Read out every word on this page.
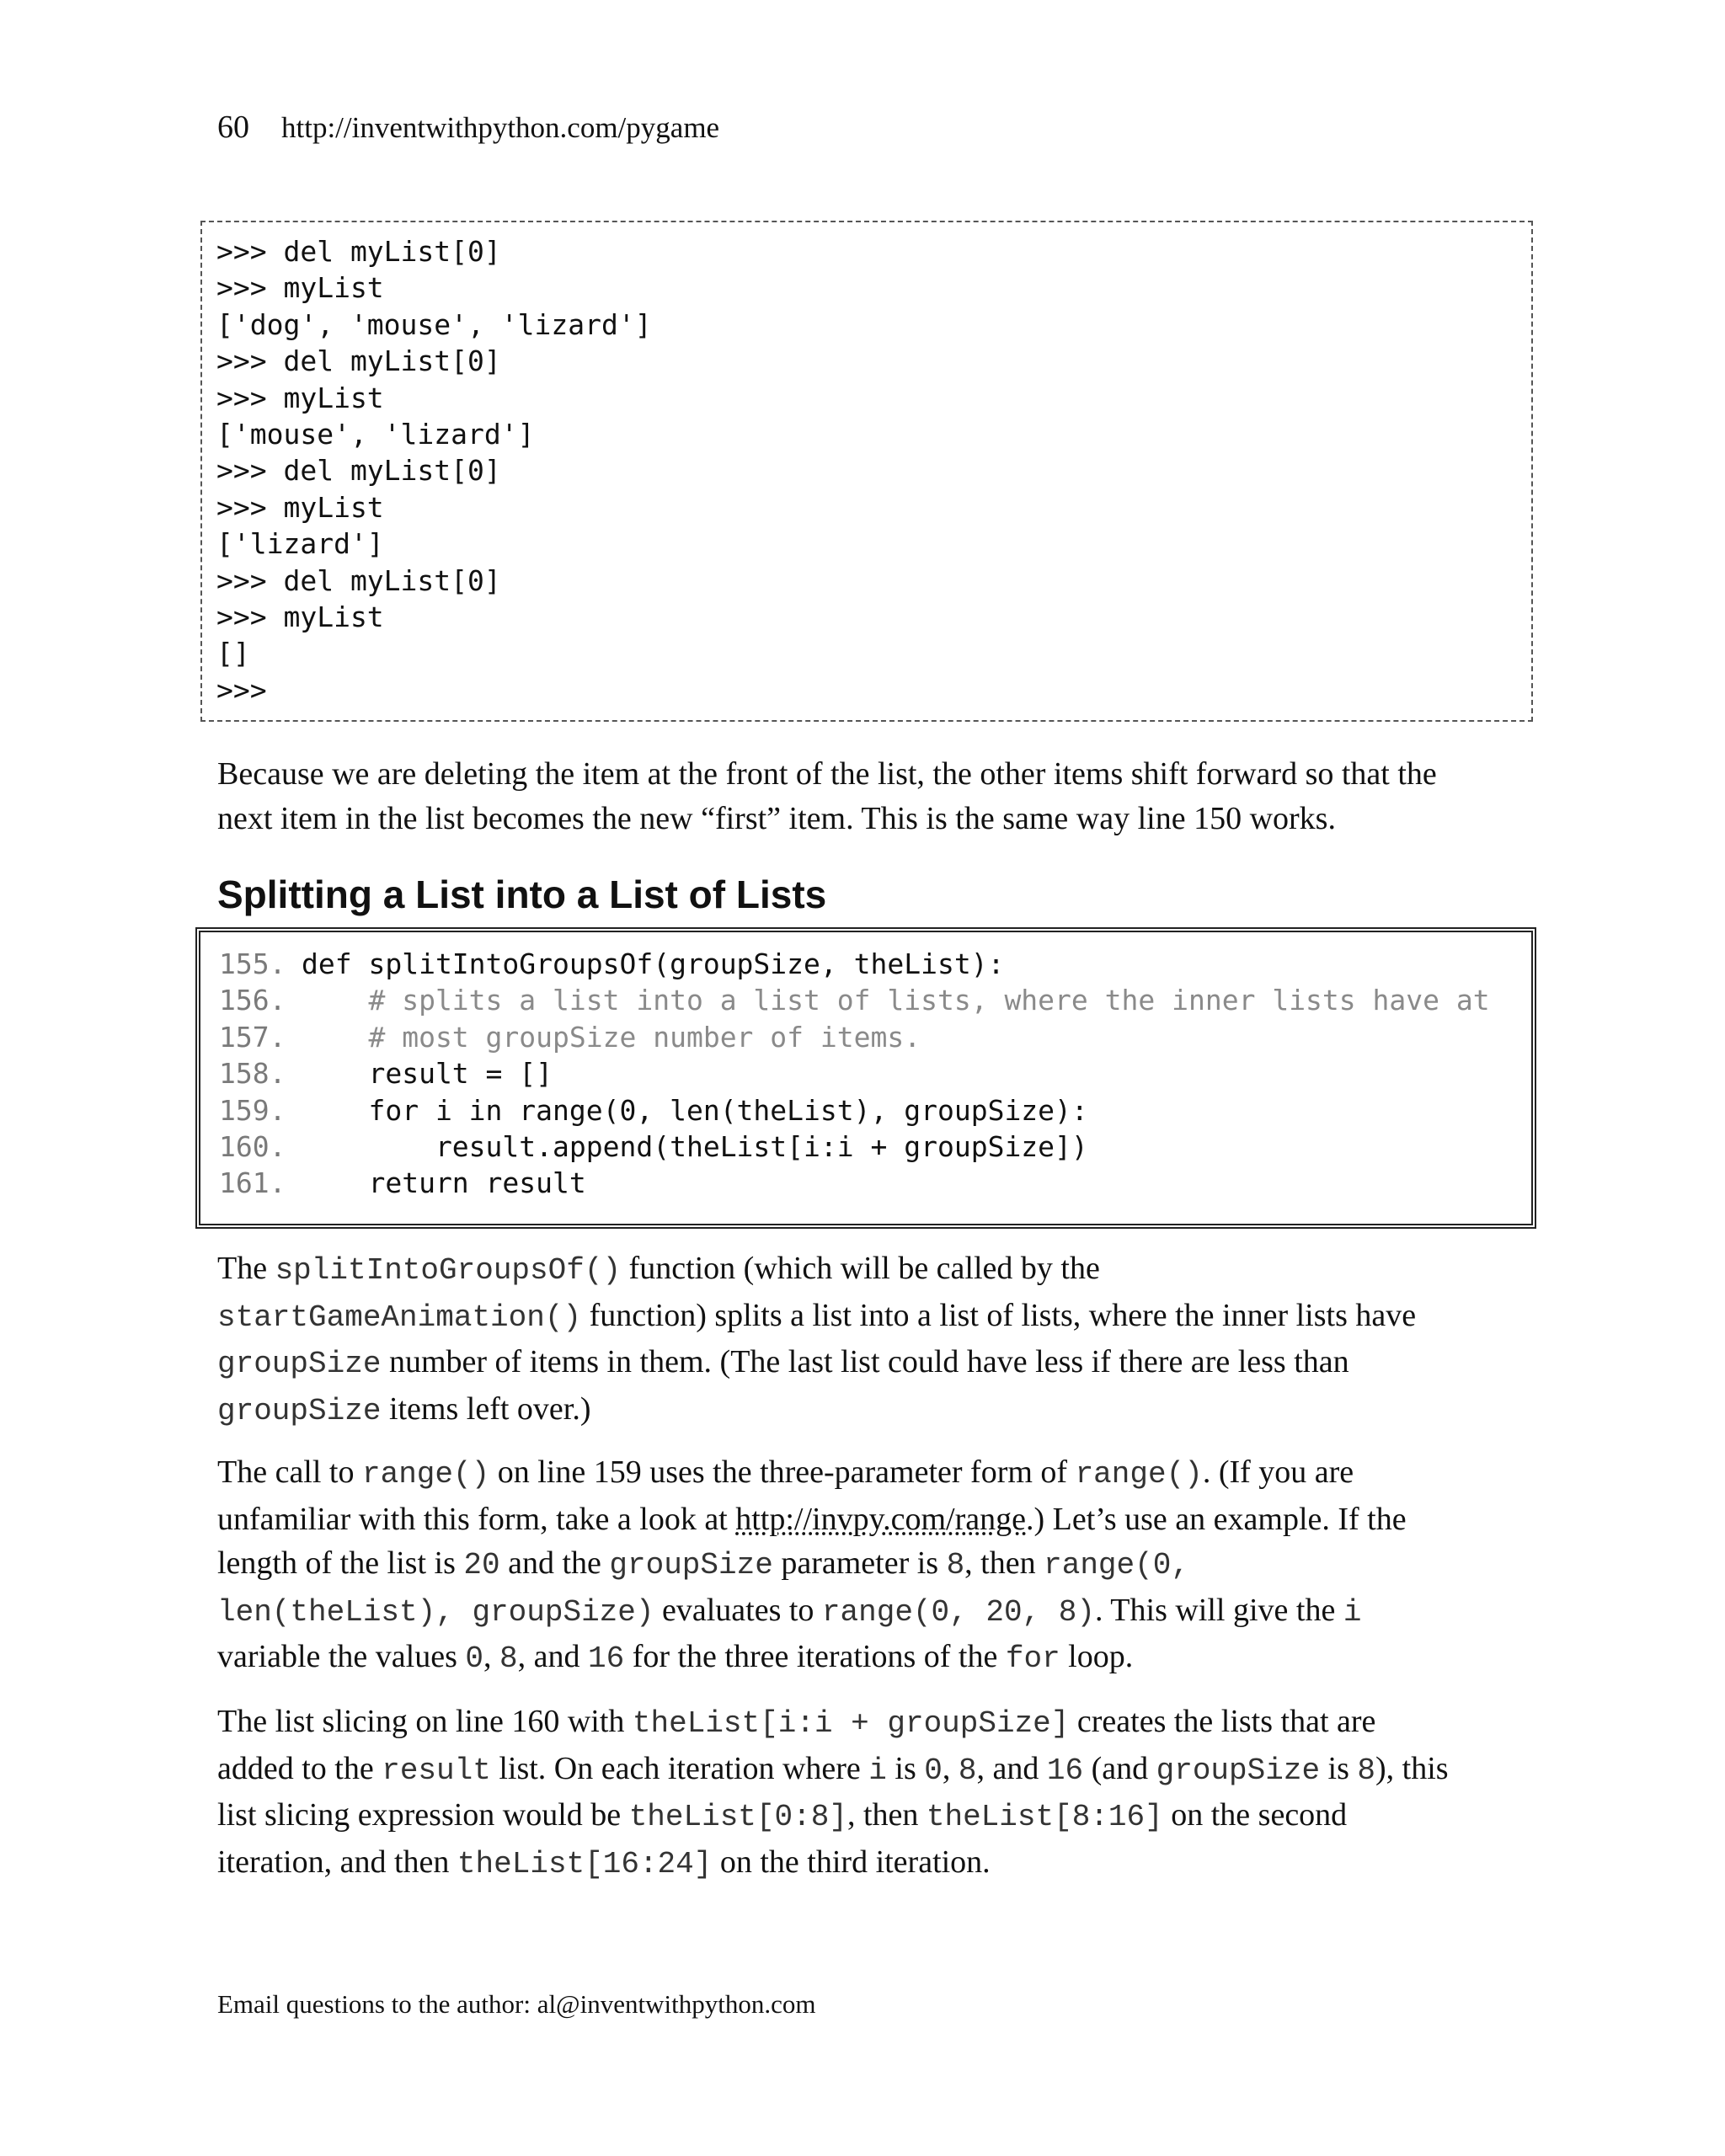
60 http://inventwithpython.com/pygame
>>> del myList[0]
>>> myList
['dog', 'mouse', 'lizard']
>>> del myList[0]
>>> myList
['mouse', 'lizard']
>>> del myList[0]
>>> myList
['lizard']
>>> del myList[0]
>>> myList
[]
>>>

Because we are deleting the item at the front of the list, the other items shift forward so that the
next item in the list becomes the new “first” item. This is the same way line 150 works.

Splitting a List into a List of Lists
155. def splitIntoGroupsOf(groupSize, theList):
156.    # splits a list into a list of lists, where the inner lists have at
157.    # most groupSize number of items.
158.    result = []
159.    for i in range(0, len(theList), groupSize):
160.        result.append(theList[i:i + groupSize])
161.    return result

The splitIntoGroupsOf() function (which will be called by the
startGameAnimation() function) splits a list into a list of lists, where the inner lists have
groupSize number of items in them. (The last list could have less if there are less than
groupSize items left over.)

The call to range() on line 159 uses the three-parameter form of range(). (If you are
unfamiliar with this form, take a look at http://invpy.com/range.) Let’s use an example. If the
length of the list is 20 and the groupSize parameter is 8, then range(0,
len(theList), groupSize) evaluates to range(0, 20, 8). This will give the i
variable the values 0, 8, and 16 for the three iterations of the for loop.

The list slicing on line 160 with theList[i:i + groupSize] creates the lists that are
added to the result list. On each iteration where i is 0, 8, and 16 (and groupSize is 8), this
list slicing expression would be theList[0:8], then theList[8:16] on the second
iteration, and then theList[16:24] on the third iteration.

Email questions to the author: al@inventwithpython.com
